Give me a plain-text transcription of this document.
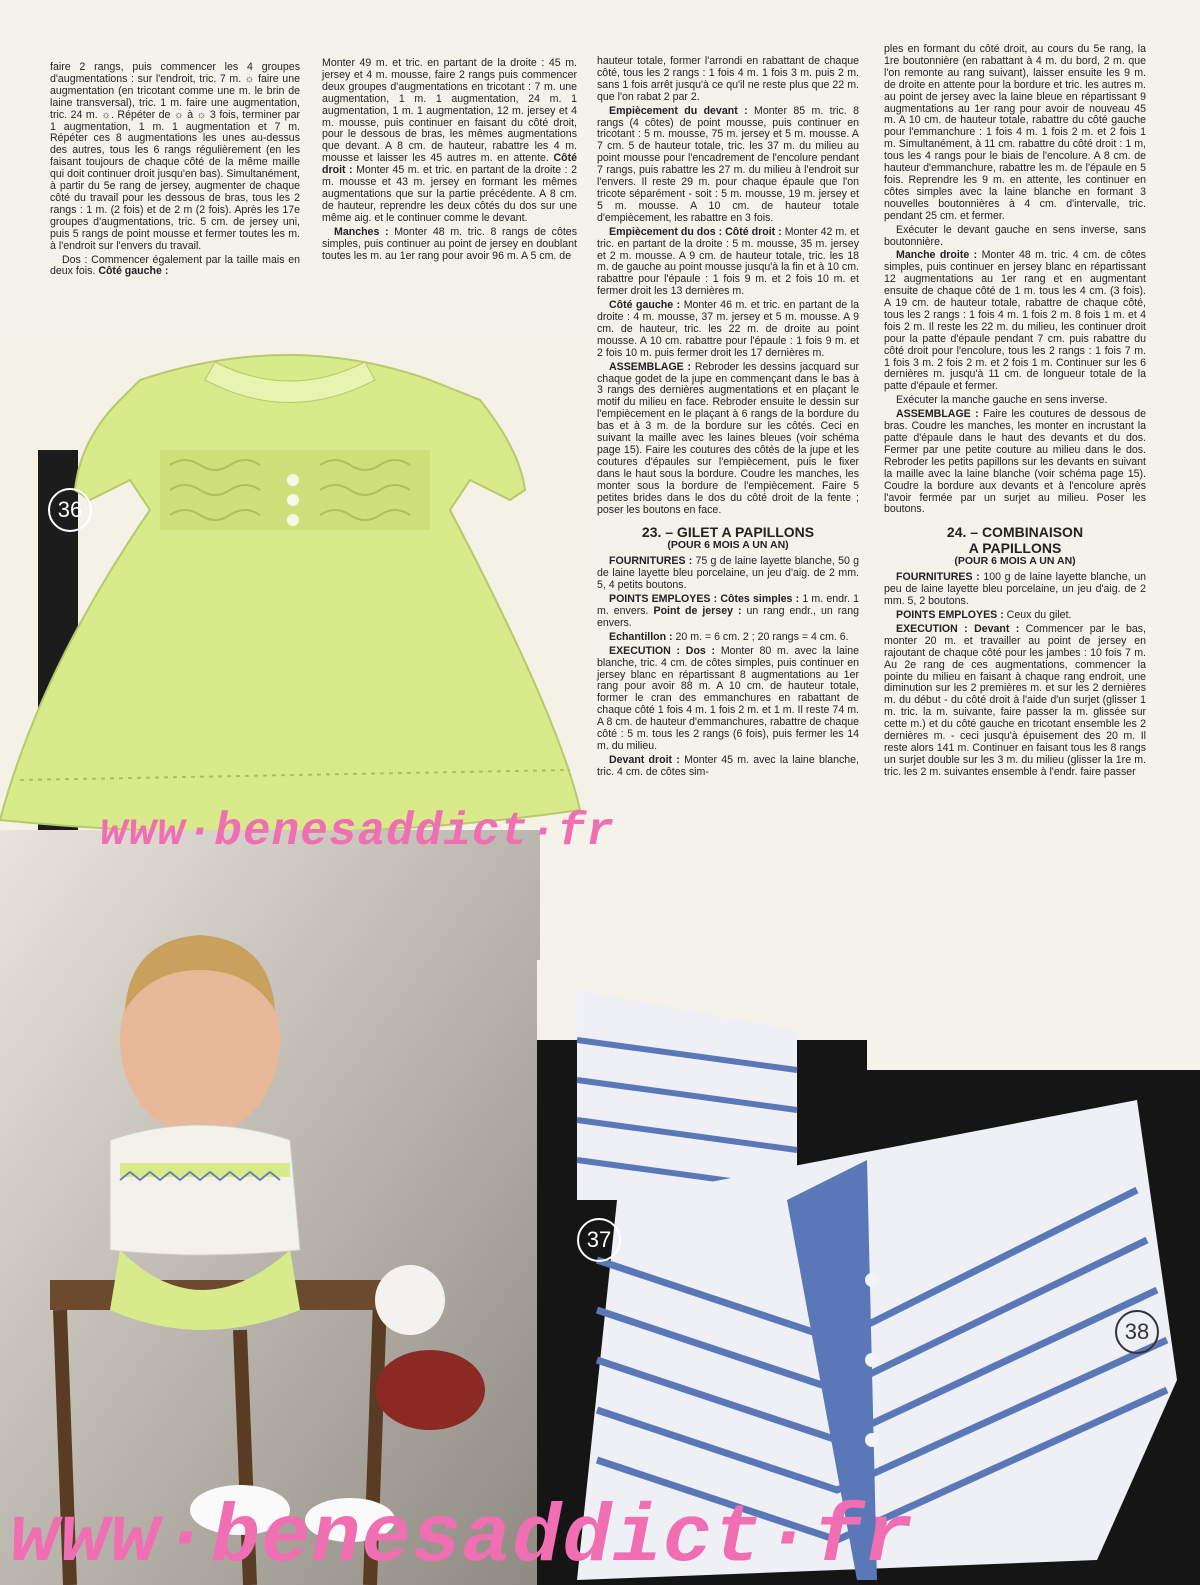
faire 2 rangs, puis commencer les 4 groupes d'augmentations : sur l'endroit, tric. 7 m. ☼ faire une augmentation (en tricotant comme une m. le brin de laine transversal), tric. 1 m. faire une augmentation, tric. 24 m. ☼. Répéter de ☼ à ☼ 3 fois, terminer par 1 augmentation, 1 m. 1 augmentation et 7 m. Répéter ces 8 augmentations les unes au-dessus des autres, tous les 6 rangs régulièrement (en les faisant toujours de chaque côté de la même maille qui doit continuer droit jusqu'en bas). Simultanément, à partir du 5e rang de jersey, augmenter de chaque côté du travail pour les dessous de bras, tous les 2 rangs : 1 m. (2 fois) et de 2 m (2 fois). Après les 17e groupes d'augmentations, tric. 5 cm. de jersey uni, puis 5 rangs de point mousse et fermer toutes les m. à l'endroit sur l'envers du travail.

Dos : Commencer également par la taille mais en deux fois. Côté gauche :

Monter 49 m. et tric. en partant de la droite : 45 m. jersey et 4 m. mousse, faire 2 rangs puis commencer deux groupes d'augmentations en tricotant : 7 m. une augmentation, 1 m. 1 augmentation, 24 m. 1 augmentation, 1 m. 1 augmentation, 12 m. jersey et 4 m. mousse, puis continuer en faisant du côté droit, pour le dessous de bras, les mêmes augmentations que devant. A 8 cm. de hauteur, rabattre les 4 m. mousse et laisser les 45 autres m. en attente. Côté droit : Monter 45 m. et tric. en partant de la droite : 2 m. mousse et 43 m. jersey en formant les mêmes augmentations que sur la partie précédente. A 8 cm. de hauteur, reprendre les deux côtés du dos sur une même aig. et le continuer comme le devant.

Manches : Monter 48 m. tric. 8 rangs de côtes simples, puis continuer au point de jersey en doublant toutes les m. au 1er rang pour avoir 96 m. A 5 cm. de

hauteur totale, former l'arrondi en rabattant de chaque côté, tous les 2 rangs : 1 fois 4 m. 1 fois 3 m. puis 2 m. sans 1 fois arrêt jusqu'à ce qu'il ne reste plus que 22 m. que l'on rabat 2 par 2.

Empiècement du devant : Monter 85 m. tric. 8 rangs (4 côtes) de point mousse, puis continuer en tricotant : 5 m. mousse, 75 m. jersey et 5 m. mousse. A 7 cm. 5 de hauteur totale, tric. les 37 m. du milieu au point mousse pour l'encadrement de l'encolure pendant 7 rangs, puis rabattre les 27 m. du milieu à l'endroit sur l'envers. Il reste 29 m. pour chaque épaule que l'on tricote séparément - soit : 5 m. mousse, 19 m. jersey et 5 m. mousse. A 10 cm. de hauteur totale d'empiècement, les rabattre en 3 fois.

Empiècement du dos : Côté droit : Monter 42 m. et tric. en partant de la droite : 5 m. mousse, 35 m. jersey et 2 m. mousse. A 9 cm. de hauteur totale, tric. les 18 m. de gauche au point mousse jusqu'à la fin et à 10 cm. rabattre pour l'épaule : 1 fois 9 m. et 2 fois 10 m. et fermer droit les 13 dernières m.

Côté gauche : Monter 46 m. et tric. en partant de la droite : 4 m. mousse, 37 m. jersey et 5 m. mousse. A 9 cm. de hauteur, tric. les 22 m. de droite au point mousse. A 10 cm. rabattre pour l'épaule : 1 fois 9 m. et 2 fois 10 m. puis fermer droit les 17 dernières m.

ASSEMBLAGE : Rebroder les dessins jacquard sur chaque godet de la jupe en commençant dans le bas à 3 rangs des dernières augmentations et en plaçant le motif du milieu en face. Rebroder ensuite le dessin sur l'empiècement en le plaçant à 6 rangs de la bordure du bas et à 3 m. de la bordure sur les côtés. Ceci en suivant la maille avec les laines bleues (voir schéma page 15). Faire les coutures des côtés de la jupe et les coutures d'épaules sur l'empiècement, puis le fixer dans le haut sous la bordure. Coudre les manches, les monter sous la bordure de l'empiècement. Faire 5 petites brides dans le dos du côté droit de la fente ; poser les boutons en face.

23. – GILET A PAPILLONS
(POUR 6 MOIS A UN AN)

FOURNITURES : 75 g de laine layette blanche, 50 g de laine layette bleu porcelaine, un jeu d'aig. de 2 mm. 5, 4 petits boutons.

POINTS EMPLOYES : Côtes simples : 1 m. endr. 1 m. envers. Point de jersey : un rang endr., un rang envers.

Echantillon : 20 m. = 6 cm. 2 ; 20 rangs = 4 cm. 6.

EXECUTION : Dos : Monter 80 m. avec la laine blanche, tric. 4 cm. de côtes simples, puis continuer en jersey blanc en répartissant 8 augmentations au 1er rang pour avoir 88 m. A 10 cm. de hauteur totale, former le cran des emmanchures en rabattant de chaque côté 1 fois 4 m. 1 fois 2 m. et 1 m. Il reste 74 m. A 8 cm. de hauteur d'emmanchures, rabattre de chaque côté : 5 m. tous les 2 rangs (6 fois), puis fermer les 14 m. du milieu.

Devant droit : Monter 45 m. avec la laine blanche, tric. 4 cm. de côtes sim-

ples en formant du côté droit, au cours du 5e rang, la 1re boutonnière (en rabattant à 4 m. du bord, 2 m. que l'on remonte au rang suivant), laisser ensuite les 9 m. de droite en attente pour la bordure et tric. les autres m. au point de jersey avec la laine bleue en répartissant 9 augmentations au 1er rang pour avoir de nouveau 45 m. A 10 cm. de hauteur totale, rabattre du côté gauche pour l'emmanchure : 1 fois 4 m. 1 fois 2 m. et 2 fois 1 m. Simultanément, à 11 cm. rabattre du côté droit : 1 m, tous les 4 rangs pour le biais de l'encolure. A 8 cm. de hauteur d'emmanchure, rabattre les m. de l'épaule en 5 fois. Reprendre les 9 m. en attente, les continuer en côtes simples avec la laine blanche en formant 3 nouvelles boutonnières à 4 cm. d'intervalle, tric. pendant 25 cm. et fermer.

Exécuter le devant gauche en sens inverse, sans boutonnière.

Manche droite : Monter 48 m. tric. 4 cm. de côtes simples, puis continuer en jersey blanc en répartissant 12 augmentations au 1er rang et en augmentant ensuite de chaque côté de 1 m. tous les 4 cm. (3 fois). A 19 cm. de hauteur totale, rabattre de chaque côté, tous les 2 rangs : 1 fois 4 m. 1 fois 2 m. 8 fois 1 m. et 4 fois 2 m. Il reste les 22 m. du milieu, les continuer droit pour la patte d'épaule pendant 7 cm. puis rabattre du côté droit pour l'encolure, tous les 2 rangs : 1 fois 7 m. 1 fois 3 m. 2 fois 2 m. et 2 fois 1 m. Continuer sur les 6 dernières m. jusqu'à 11 cm. de longueur totale de la patte d'épaule et fermer.

Exécuter la manche gauche en sens inverse.

ASSEMBLAGE : Faire les coutures de dessous de bras. Coudre les manches, les monter en incrustant la patte d'épaule dans le haut des devants et du dos. Fermer par une petite couture au milieu dans le dos. Rebroder les petits papillons sur les devants en suivant la maille avec la laine blanche (voir schéma page 15). Coudre la bordure aux devants et à l'encolure après l'avoir fermée par un surjet au milieu. Poser les boutons.

24. – COMBINAISON
A PAPILLONS
(POUR 6 MOIS A UN AN)

FOURNITURES : 100 g de laine layette blanche, un peu de laine layette bleu porcelaine, un jeu d'aig. de 2 mm. 5, 2 boutons.

POINTS EMPLOYES : Ceux du gilet.

EXECUTION : Devant : Commencer par le bas, monter 20 m. et travailler au point de jersey en rajoutant de chaque côté pour les jambes : 10 fois 7 m. Au 2e rang de ces augmentations, commencer la pointe du milieu en faisant à chaque rang endroit, une diminution sur les 2 premières m. et sur les 2 dernières m. du début - du côté droit à l'aide d'un surjet (glisser 1 m. tric. la m. suivante, faire passer la m. glissée sur cette m.) et du côté gauche en tricotant ensemble les 2 dernières m. - ceci jusqu'à épuisement des 20 m. Il reste alors 141 m. Continuer en faisant tous les 8 rangs un surjet double sur les 3 m. du milieu (glisser la 1re m. tric. les 2 m. suivantes ensemble à l'endr. faire passer

36
37
38
www·benesaddict·fr
www·benesaddict·fr
